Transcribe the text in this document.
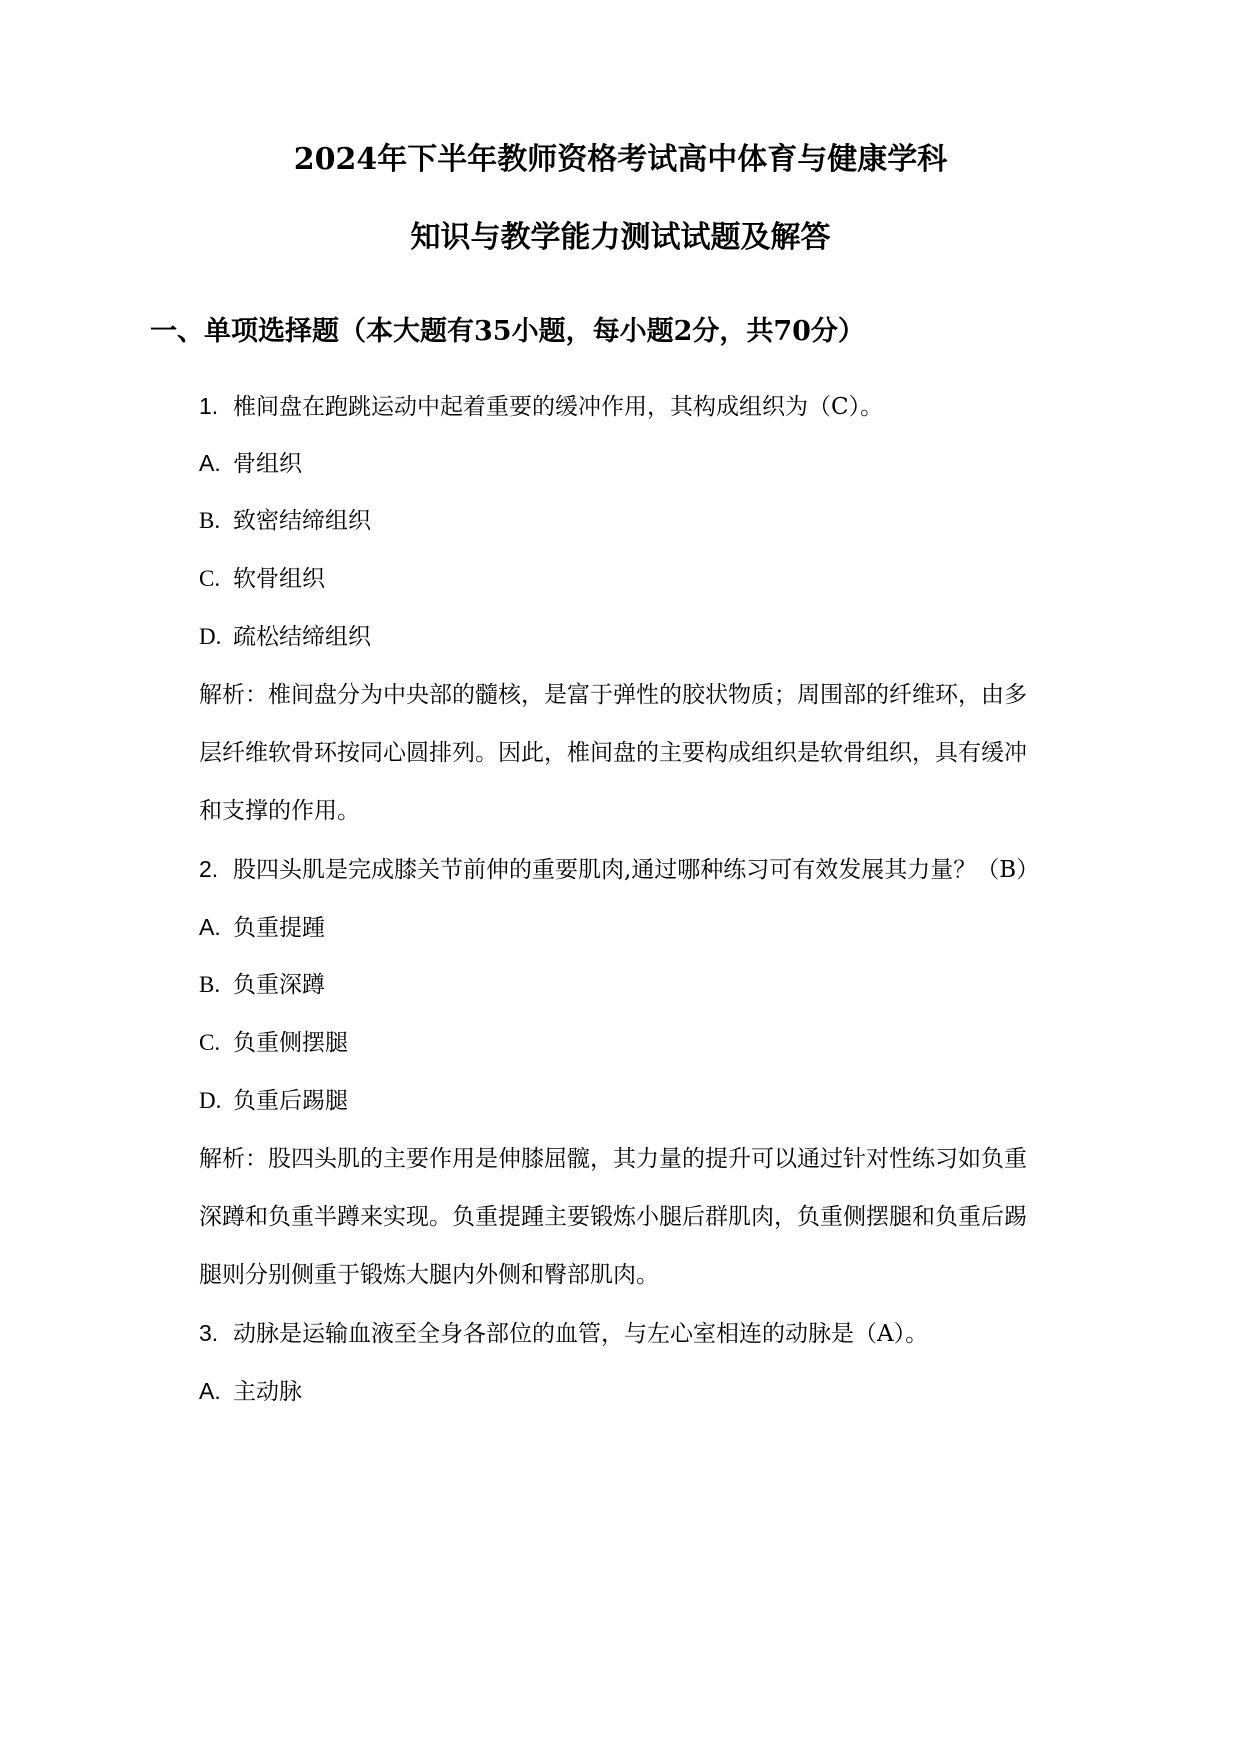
2024年下半年教师资格考试高中体育与健康学科
知识与教学能力测试试题及解答
一、单项选择题（本大题有35小题，每小题2分，共70分）
1. 椎间盘在跑跳运动中起着重要的缓冲作用，其构成组织为（C）。
A. 骨组织
B. 致密结缔组织
C. 软骨组织
D. 疏松结缔组织
解析：椎间盘分为中央部的髓核，是富于弹性的胶状物质；周围部的纤维环，由多
层纤维软骨环按同心圆排列。因此，椎间盘的主要构成组织是软骨组织，具有缓冲
和支撑的作用。
2. 股四头肌是完成膝关节前伸的重要肌肉,通过哪种练习可有效发展其力量？（B）
A. 负重提踵
B. 负重深蹲
C. 负重侧摆腿
D. 负重后踢腿
解析：股四头肌的主要作用是伸膝屈髋，其力量的提升可以通过针对性练习如负重
深蹲和负重半蹲来实现。负重提踵主要锻炼小腿后群肌肉，负重侧摆腿和负重后踢
腿则分别侧重于锻炼大腿内外侧和臀部肌肉。
3. 动脉是运输血液至全身各部位的血管，与左心室相连的动脉是（A）。
A. 主动脉
